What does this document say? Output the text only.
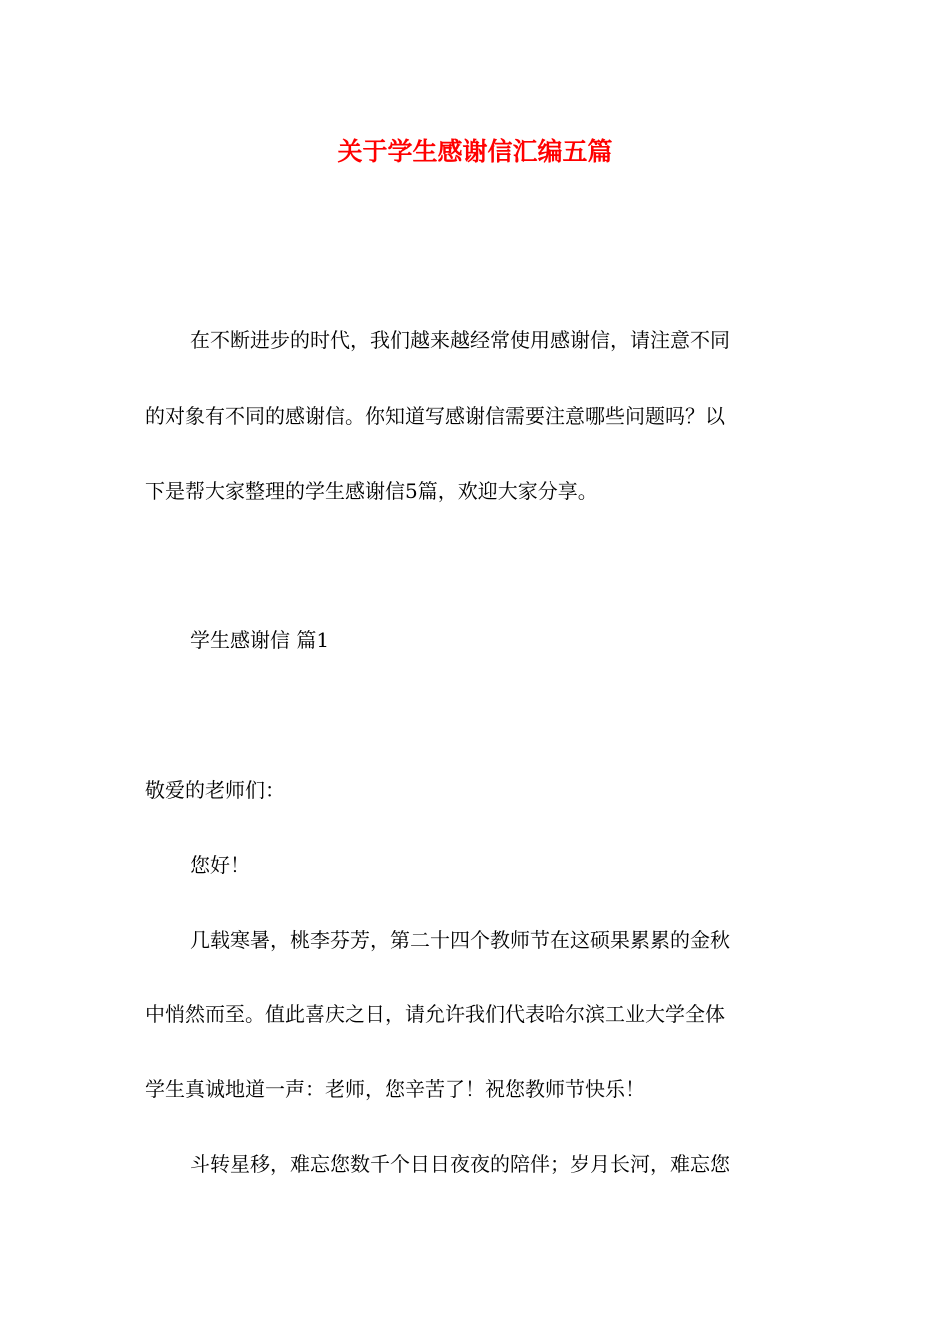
关于学生感谢信汇编五篇
在不断进步的时代，我们越来越经常使用感谢信，请注意不同
的对象有不同的感谢信。你知道写感谢信需要注意哪些问题吗？以
下是帮大家整理的学生感谢信5篇，欢迎大家分享。
学生感谢信 篇1
敬爱的老师们：
您好！
几载寒暑，桃李芬芳，第二十四个教师节在这硕果累累的金秋
中悄然而至。值此喜庆之日，请允许我们代表哈尔滨工业大学全体
学生真诚地道一声：老师，您辛苦了！祝您教师节快乐！
斗转星移，难忘您数千个日日夜夜的陪伴；岁月长河，难忘您
